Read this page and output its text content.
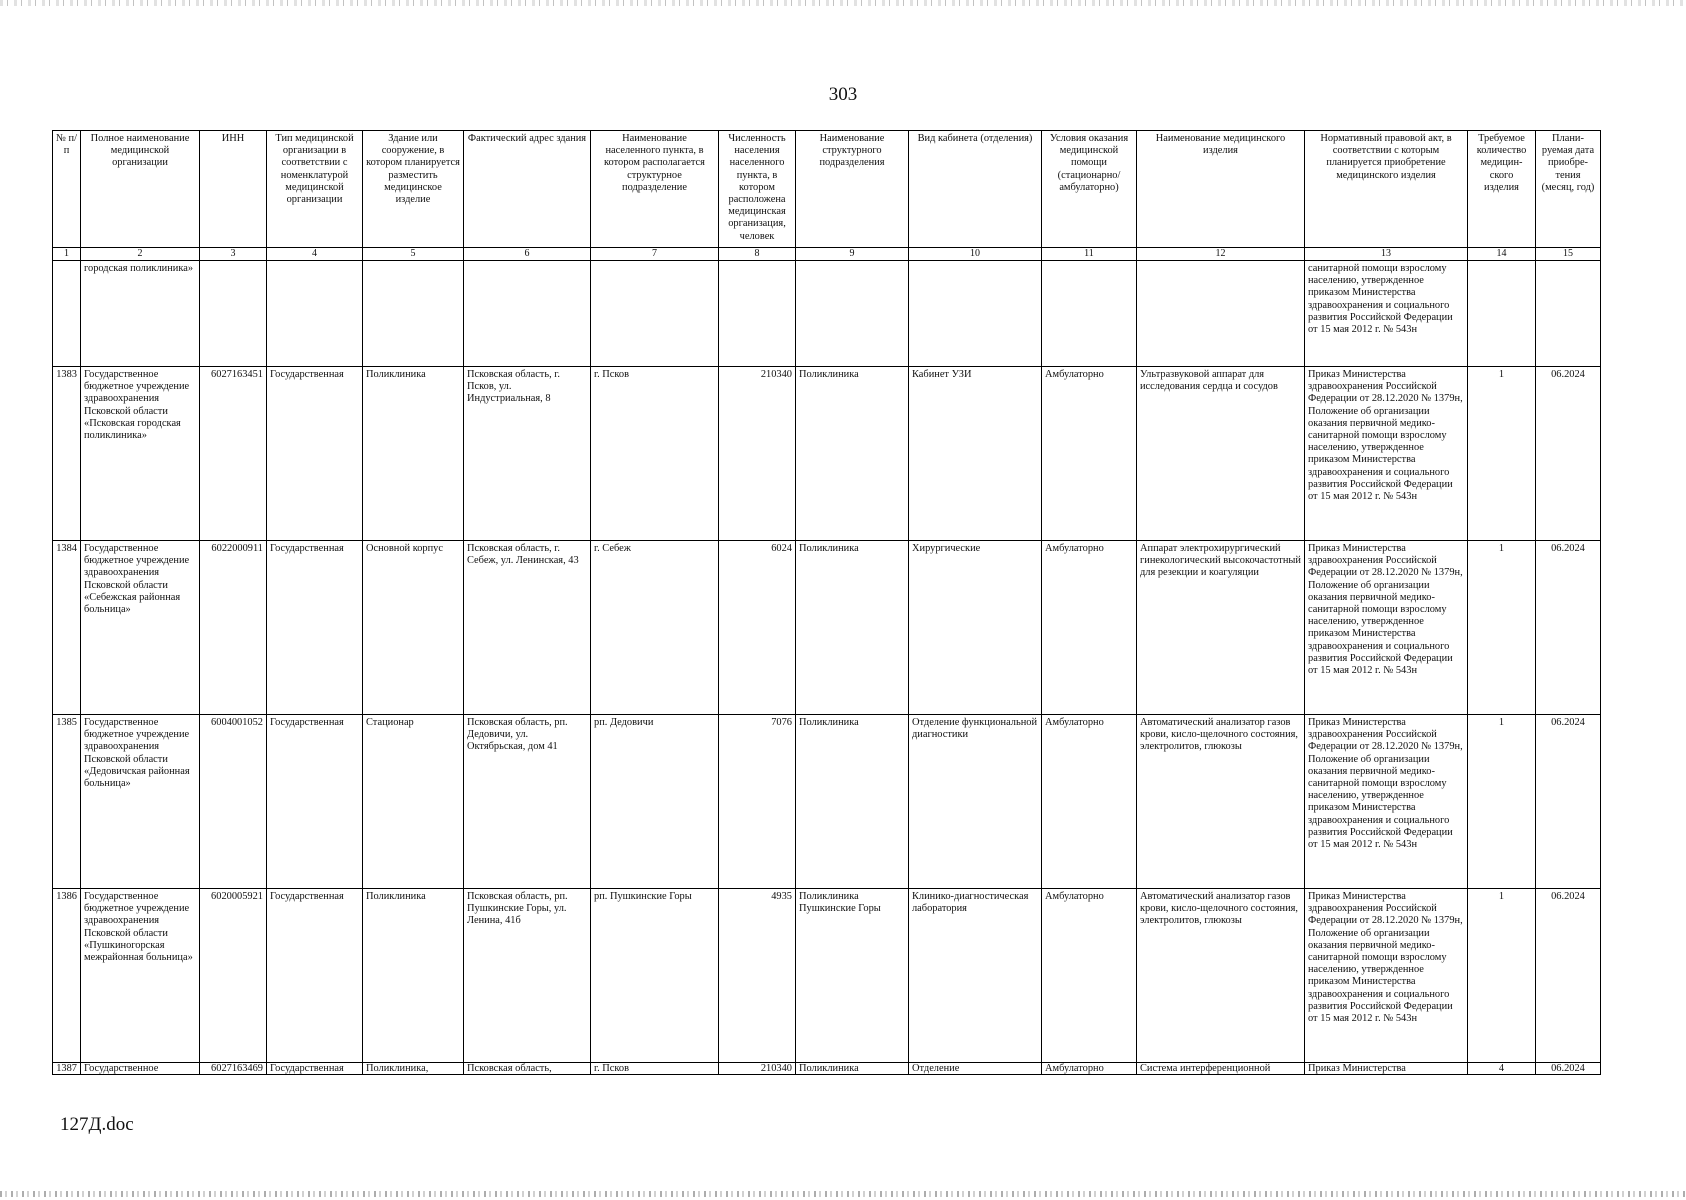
303
№ п/п	Полное наименование медицинской организации	ИНН	Тип медицинской организации в соответствии с номенклатурой медицинской организации	Здание или сооружение, в котором планируется разместить медицинское изделие	Фактический адрес здания	Наименование населенного пункта, в котором располагается структурное подразделение	Численность населения населенного пункта, в котором расположена медицинская организация, человек	Наименование структурного подразделения	Вид кабинета (отделения)	Условия оказания медицинской помощи (стационарно/ амбулаторно)	Наименование медицинского изделия	Нормативный правовой акт, в соответствии с которым планируется приобретение медицинского изделия	Требуемое количество медицин-ского изделия	Плани-руемая дата приобре-тения (месяц, год)
1	2	3	4	5	6	7	8	9	10	11	12	13	14	15
	городская поликлиника»											санитарной помощи взрослому населению, утвержденное приказом Министерства здравоохранения и социального развития Российской Федерации от 15 мая 2012 г. № 543н		
1383	Государственное бюджетное учреждение здравоохранения Псковской области «Псковская городская поликлиника»	6027163451	Государственная	Поликлиника	Псковская область, г. Псков, ул. Индустриальная, 8	г. Псков	210340	Поликлиника	Кабинет УЗИ	Амбулаторно	Ультразвуковой аппарат для исследования сердца и сосудов	Приказ Министерства здравоохранения Российской Федерации от 28.12.2020 № 1379н, Положение об организации оказания первичной медико-санитарной помощи взрослому населению, утвержденное приказом Министерства здравоохранения и социального развития Российской Федерации от 15 мая 2012 г. № 543н	1	06.2024
1384	Государственное бюджетное учреждение здравоохранения Псковской области «Себежская районная больница»	6022000911	Государственная	Основной корпус	Псковская область, г. Себеж, ул. Ленинская, 43	г. Себеж	6024	Поликлиника	Хирургические	Амбулаторно	Аппарат электрохирургический гинекологический высокочастотный для резекции и коагуляции	Приказ Министерства здравоохранения Российской Федерации от 28.12.2020 № 1379н, Положение об организации оказания первичной медико-санитарной помощи взрослому населению, утвержденное приказом Министерства здравоохранения и социального развития Российской Федерации от 15 мая 2012 г. № 543н	1	06.2024
1385	Государственное бюджетное учреждение здравоохранения Псковской области «Дедовичская районная больница»	6004001052	Государственная	Стационар	Псковская область, рп. Дедовичи, ул. Октябрьская, дом 41	рп. Дедовичи	7076	Поликлиника	Отделение функциональной диагностики	Амбулаторно	Автоматический анализатор газов крови, кисло-щелочного состояния, электролитов, глюкозы	Приказ Министерства здравоохранения Российской Федерации от 28.12.2020 № 1379н, Положение об организации оказания первичной медико-санитарной помощи взрослому населению, утвержденное приказом Министерства здравоохранения и социального развития Российской Федерации от 15 мая 2012 г. № 543н	1	06.2024
1386	Государственное бюджетное учреждение здравоохранения Псковской области «Пушкиногорская межрайонная больница»	6020005921	Государственная	Поликлиника	Псковская область, рп. Пушкинские Горы, ул. Ленина, 41б	рп. Пушкинские Горы	4935	Поликлиника Пушкинские Горы	Клинико-диагностическая лаборатория	Амбулаторно	Автоматический анализатор газов крови, кисло-щелочного состояния, электролитов, глюкозы	Приказ Министерства здравоохранения Российской Федерации от 28.12.2020 № 1379н, Положение об организации оказания первичной медико-санитарной помощи взрослому населению, утвержденное приказом Министерства здравоохранения и социального развития Российской Федерации от 15 мая 2012 г. № 543н	1	06.2024
1387	Государственное	6027163469	Государственная	Поликлиника,	Псковская область,	г. Псков	210340	Поликлиника	Отделение	Амбулаторно	Система интерференционной	Приказ Министерства	4	06.2024
127Д.doc
